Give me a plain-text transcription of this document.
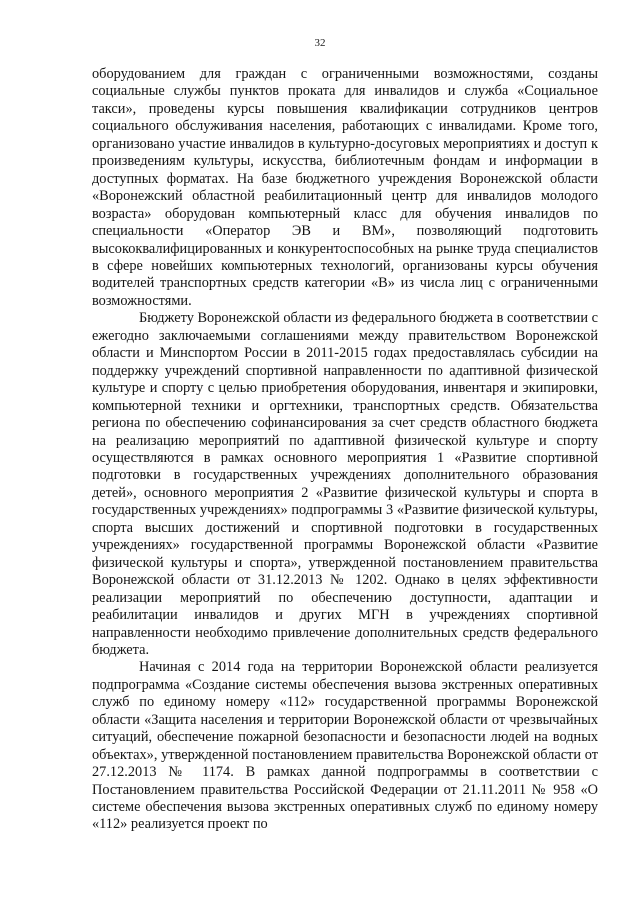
32

оборудованием для граждан с ограниченными возможностями, созданы социальные службы пунктов проката для инвалидов и служба «Социальное такси», проведены курсы повышения квалификации сотрудников центров социального обслуживания населения, работающих с инвалидами. Кроме того, организовано участие инвалидов в культурно-досуговых мероприятиях и доступ к произведениям культуры, искусства, библиотечным фондам и информации в доступных форматах. На базе бюджетного учреждения Воронежской области «Воронежский областной реабилитационный центр для инвалидов молодого возраста» оборудован компьютерный класс для обучения инвалидов по специальности «Оператор ЭВ и ВМ», позволяющий подготовить высококвалифицированных и конкурентоспособных на рынке труда специалистов в сфере новейших компьютерных технологий, организованы курсы обучения водителей транспортных средств категории «В» из числа лиц с ограниченными возможностями.

Бюджету Воронежской области из федерального бюджета в соответствии с ежегодно заключаемыми соглашениями между правительством Воронежской области и Минспортом России в 2011-2015 годах предоставлялась субсидии на поддержку учреждений спортивной направленности по адаптивной физической культуре и спорту с целью приобретения оборудования, инвентаря и экипировки, компьютерной техники и оргтехники, транспортных средств. Обязательства региона по обеспечению софинансирования за счет средств областного бюджета на реализацию мероприятий по адаптивной физической культуре и спорту осуществляются в рамках основного мероприятия 1 «Развитие спортивной подготовки в государственных учреждениях дополнительного образования детей», основного мероприятия 2 «Развитие физической культуры и спорта в государственных учреждениях» подпрограммы 3 «Развитие физической культуры, спорта высших достижений и спортивной подготовки в государственных учреждениях» государственной программы Воронежской области «Развитие физической культуры и спорта», утвержденной постановлением правительства Воронежской области от 31.12.2013 № 1202. Однако в целях эффективности реализации мероприятий по обеспечению доступности, адаптации и реабилитации инвалидов и других МГН в учреждениях спортивной направленности необходимо привлечение дополнительных средств федерального бюджета.

Начиная с 2014 года на территории Воронежской области реализуется подпрограмма «Создание системы обеспечения вызова экстренных оперативных служб по единому номеру «112» государственной программы Воронежской области «Защита населения и территории Воронежской области от чрезвычайных ситуаций, обеспечение пожарной безопасности и безопасности людей на водных объектах», утвержденной постановлением правительства Воронежской области от 27.12.2013 № 1174. В рамках данной подпрограммы в соответствии с Постановлением правительства Российской Федерации от 21.11.2011 № 958 «О системе обеспечения вызова экстренных оперативных служб по единому номеру «112» реализуется проект по
